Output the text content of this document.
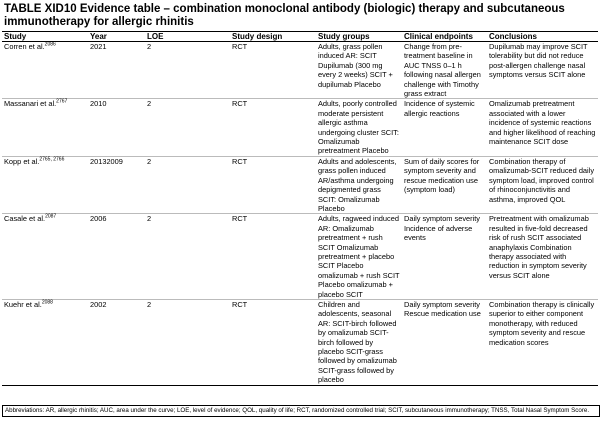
TABLE XID10 Evidence table – combination monoclonal antibody (biologic) therapy and subcutaneous immunotherapy for allergic rhinitis
Study	Year	LOE	Study design	Study groups	Clinical endpoints	Conclusions
Corren et al.$^{2086}$	2021	2	RCT	Adults, grass pollen induced AR: SCIT Dupilumab (300 mg every 2 weeks) SCIT + dupilumab Placebo	Change from pre-treatment baseline in AUC TNSS 0–1 h following nasal allergen challenge with Timothy grass extract	Dupilumab may improve SCIT tolerability but did not reduce post-allergen challenge nasal symptoms versus SCIT alone
Massanari et al.$^{2767}$	2010	2	RCT	Adults, poorly controlled moderate persistent allergic asthma undergoing cluster SCIT: Omalizumab pretreatment Placebo	Incidence of systemic allergic reactions	Omalizumab pretreatment associated with a lower incidence of systemic reactions and higher likelihood of reaching maintenance SCIT dose
Kopp et al.$^{2765,}$ $^{2766}$	20132009	2	RCT	Adults and adolescents, grass pollen induced AR/asthma undergoing depigmented grass SCIT: Omalizumab Placebo	Sum of daily scores for symptom severity and rescue medication use (symptom load)	Combination therapy of omalizumab-SCIT reduced daily symptom load, improved control of rhinoconjunctivitis and asthma, improved QOL
Casale et al.$^{2087}$	2006	2	RCT	Adults, ragweed induced AR: Omalizumab pretreatment + rush SCIT Omalizumab pretreatment + placebo SCIT Placebo omalizumab + rush SCIT Placebo omalizumab + placebo SCIT	Daily symptom severity Incidence of adverse events	Pretreatment with omalizumab resulted in five-fold decreased risk of rush SCIT associated anaphylaxis Combination therapy associated with reduction in symptom severity versus SCIT alone
Kuehr et al.$^{2088}$	2002	2	RCT	Children and adolescents, seasonal AR: SCIT-birch followed by omalizumab SCIT-birch followed by placebo SCIT-grass followed by omalizumab SCIT-grass followed by placebo	Daily symptom severity Rescue medication use	Combination therapy is clinically superior to either component monotherapy, with reduced symptom severity and rescue medication scores
Abbreviations: AR, allergic rhinitis; AUC, area under the curve; LOE, level of evidence; QOL, quality of life; RCT, randomized controlled trial; SCIT, subcutaneous immunotherapy; TNSS, Total Nasal Symptom Score.
